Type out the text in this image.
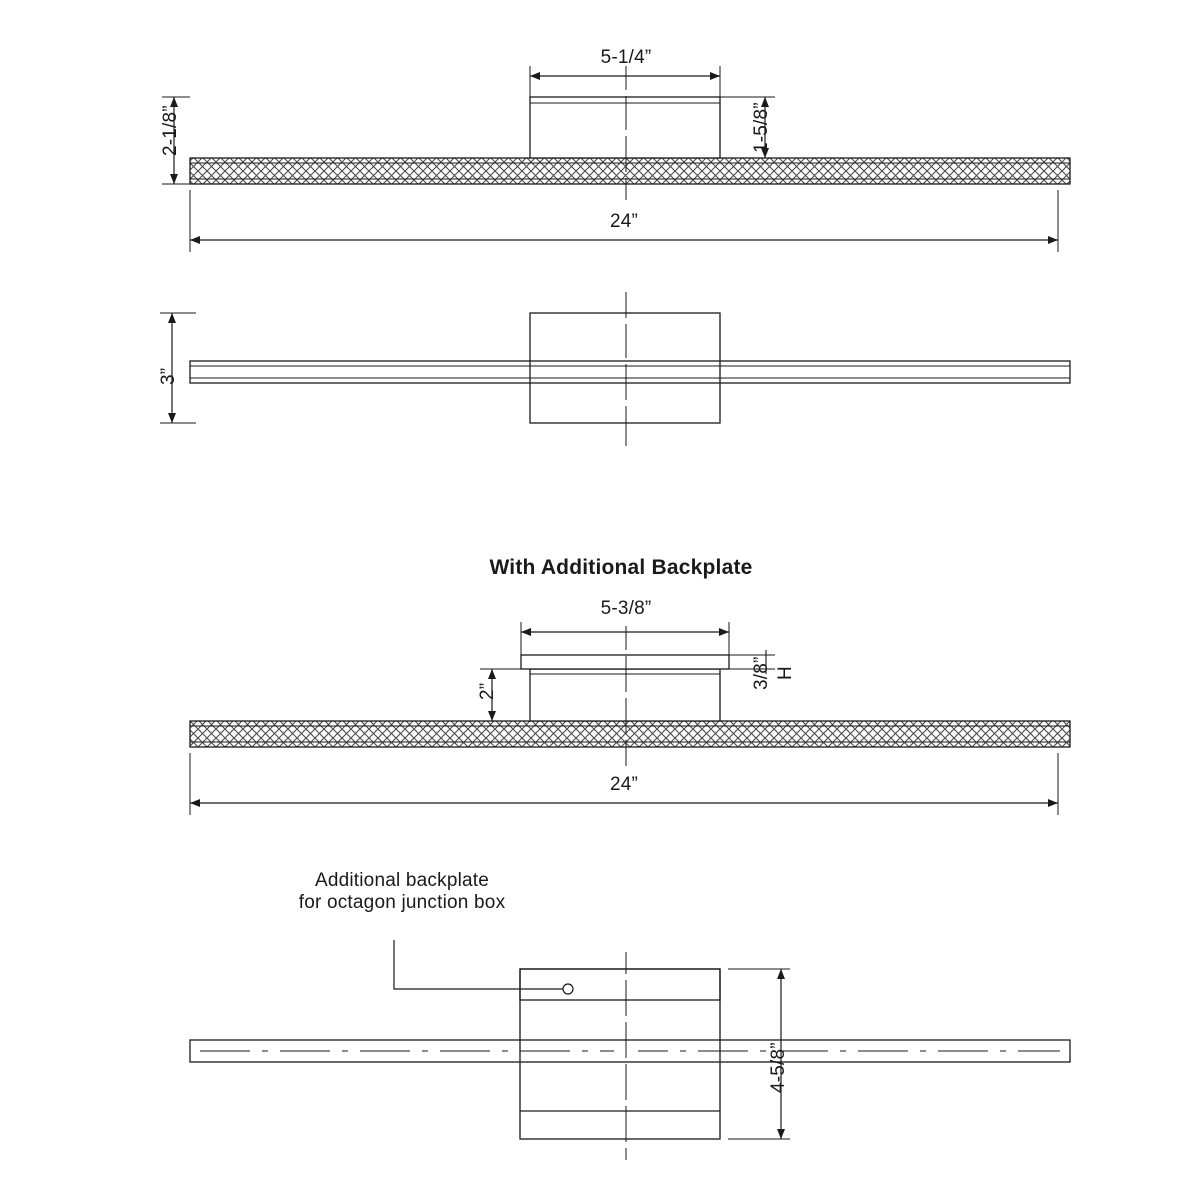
5-1/4”
2-1/8”	1-5/8”
24”
3”
With Additional Backplate
5-3/8”
2”
3/8” H
24”
Additional backplate
for octagon junction box
4-5/8”
